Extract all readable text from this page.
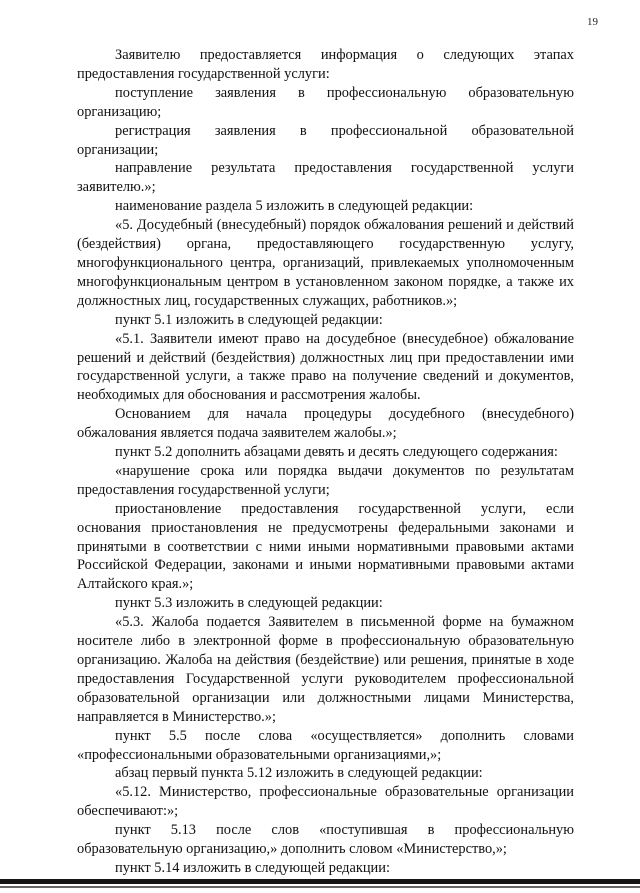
19

Заявителю предоставляется информация о следующих этапах предоставления государственной услуги:

поступление заявления в профессиональную образовательную организацию;

регистрация заявления в профессиональной образовательной организации;

направление результата предоставления государственной услуги заявителю.»;

наименование раздела 5 изложить в следующей редакции:

«5. Досудебный (внесудебный) порядок обжалования решений и действий (бездействия) органа, предоставляющего государственную услугу, многофункционального центра, организаций, привлекаемых уполномоченным многофункциональным центром в установленном законом порядке, а также их должностных лиц, государственных служащих, работников.»;

пункт 5.1 изложить в следующей редакции:

«5.1. Заявители имеют право на досудебное (внесудебное) обжалование решений и действий (бездействия) должностных лиц при предоставлении ими государственной услуги, а также право на получение сведений и документов, необходимых для обоснования и рассмотрения жалобы.

Основанием для начала процедуры досудебного (внесудебного) обжалования является подача заявителем жалобы.»;

пункт 5.2 дополнить абзацами девять и десять следующего содержания:

«нарушение срока или порядка выдачи документов по результатам предоставления государственной услуги;

приостановление предоставления государственной услуги, если основания приостановления не предусмотрены федеральными законами и принятыми в соответствии с ними иными нормативными правовыми актами Российской Федерации, законами и иными нормативными правовыми актами Алтайского края.»;

пункт 5.3 изложить в следующей редакции:

«5.3. Жалоба подается Заявителем в письменной форме на бумажном носителе либо в электронной форме в профессиональную образовательную организацию. Жалоба на действия (бездействие) или решения, принятые в ходе предоставления Государственной услуги руководителем профессиональной образовательной организации или должностными лицами Министерства, направляется в Министерство.»;

пункт 5.5 после слова «осуществляется» дополнить словами «профессиональными образовательными организациями,»;

абзац первый пункта 5.12 изложить в следующей редакции:

«5.12. Министерство, профессиональные образовательные организации обеспечивают:»;

пункт 5.13 после слов «поступившая в профессиональную образовательную организацию,» дополнить словом «Министерство,»;

пункт 5.14 изложить в следующей редакции:
